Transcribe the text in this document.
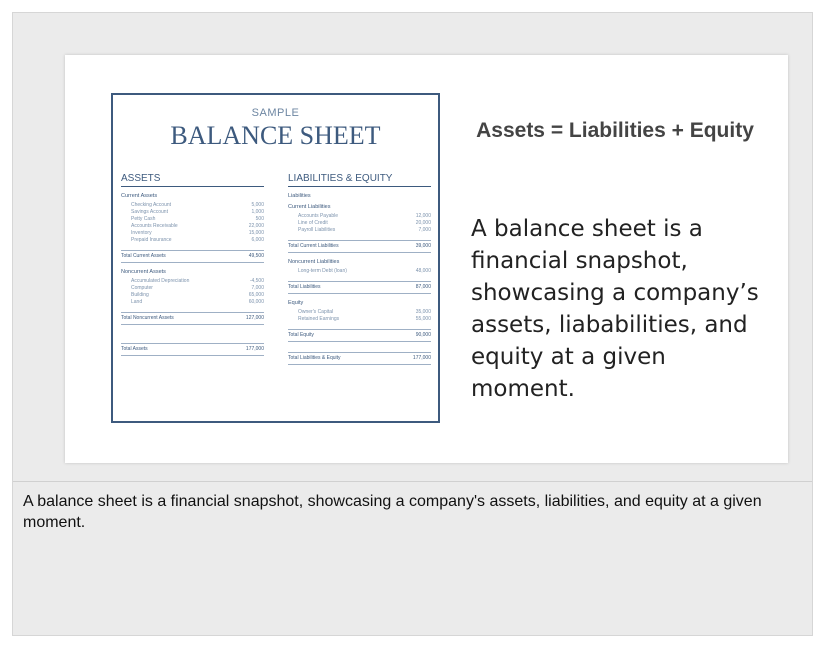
SAMPLE
BALANCE SHEET
ASSETS
Current Assets
Checking Account	5,000
Savings Account	1,000
Petty Cash	500
Accounts Receivable	22,000
Inventory	15,000
Prepaid Insurance	6,000
Total Current Assets	49,500
Noncurrent Assets
Accumulated Depreciation	-4,500
Computer	7,000
Building	65,000
Land	60,000
Total Noncurrent Assets	127,000
Total Assets	177,000
LIABILITIES & EQUITY
Liabilities
Current Liabilities
Accounts Payable	12,000
Line of Credit	20,000
Payroll Liabilities	7,000
Total Current Liabilities	39,000
Noncurrent Liabilities
Long-term Debt (loan)	48,000
Total Liabilities	87,000
Equity
Owner's Capital	35,000
Retained Earnings	55,000
Total Equity	90,000
Total Liabilities & Equity	177,000
Assets = Liabilities + Equity
A balance sheet is a financial snapshot, showcasing a company’s assets, liababilities, and equity at a given moment.
A balance sheet is a financial snapshot, showcasing a company's assets, liabilities, and equity at a given moment.
